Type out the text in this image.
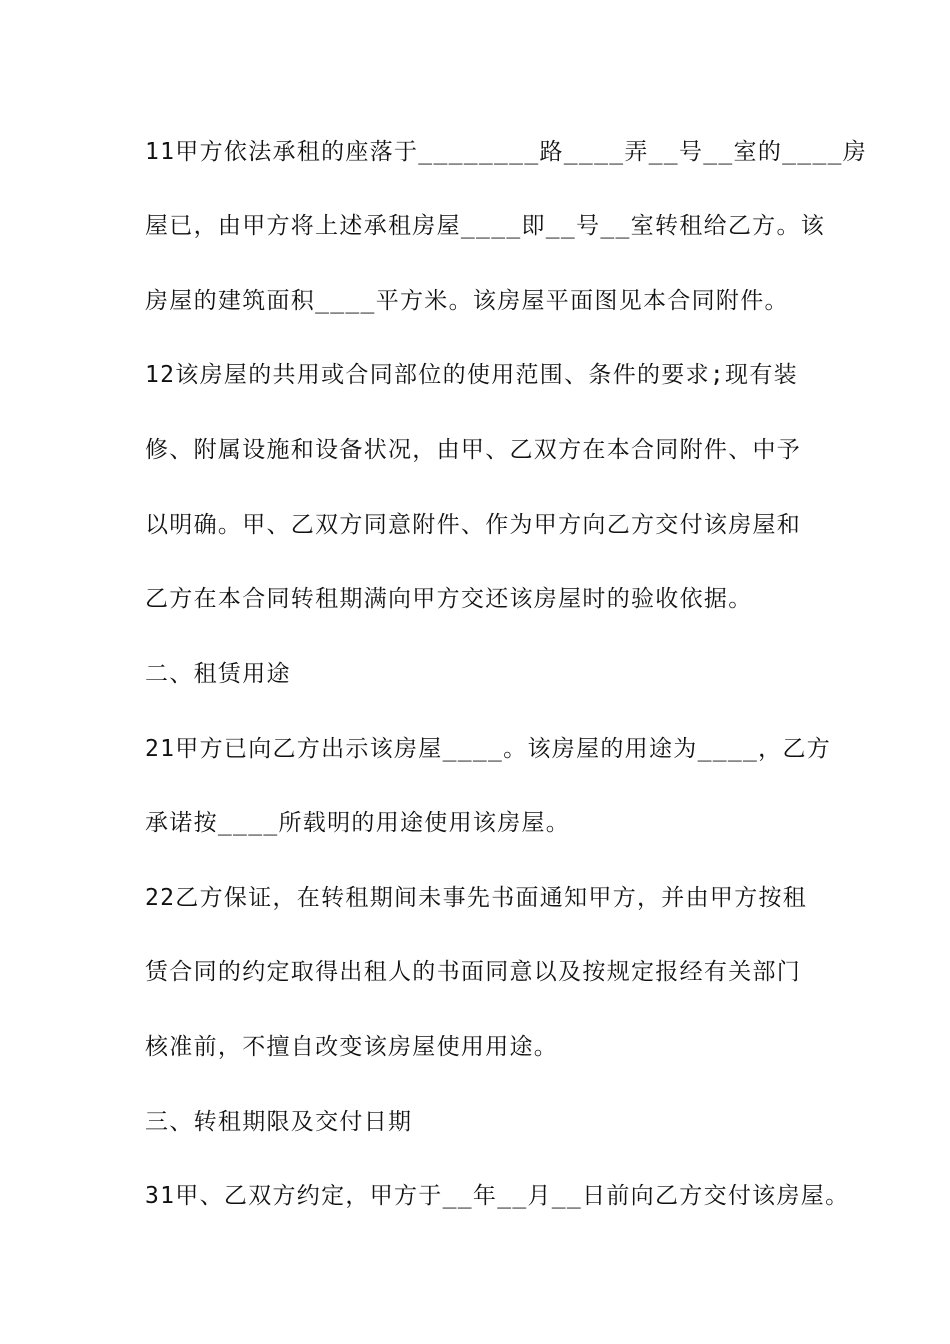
11甲方依法承租的座落于________路____弄__号__室的____房
屋已，由甲方将上述承租房屋____即__号__室转租给乙方。该
房屋的建筑面积____平方米。该房屋平面图见本合同附件。
12该房屋的共用或合同部位的使用范围、条件的要求;现有装
修、附属设施和设备状况，由甲、乙双方在本合同附件、中予
以明确。甲、乙双方同意附件、作为甲方向乙方交付该房屋和
乙方在本合同转租期满向甲方交还该房屋时的验收依据。
二、租赁用途
21甲方已向乙方出示该房屋____。该房屋的用途为____，乙方
承诺按____所载明的用途使用该房屋。
22乙方保证，在转租期间未事先书面通知甲方，并由甲方按租
赁合同的约定取得出租人的书面同意以及按规定报经有关部门
核准前，不擅自改变该房屋使用用途。
三、转租期限及交付日期
31甲、乙双方约定，甲方于__年__月__日前向乙方交付该房屋。
